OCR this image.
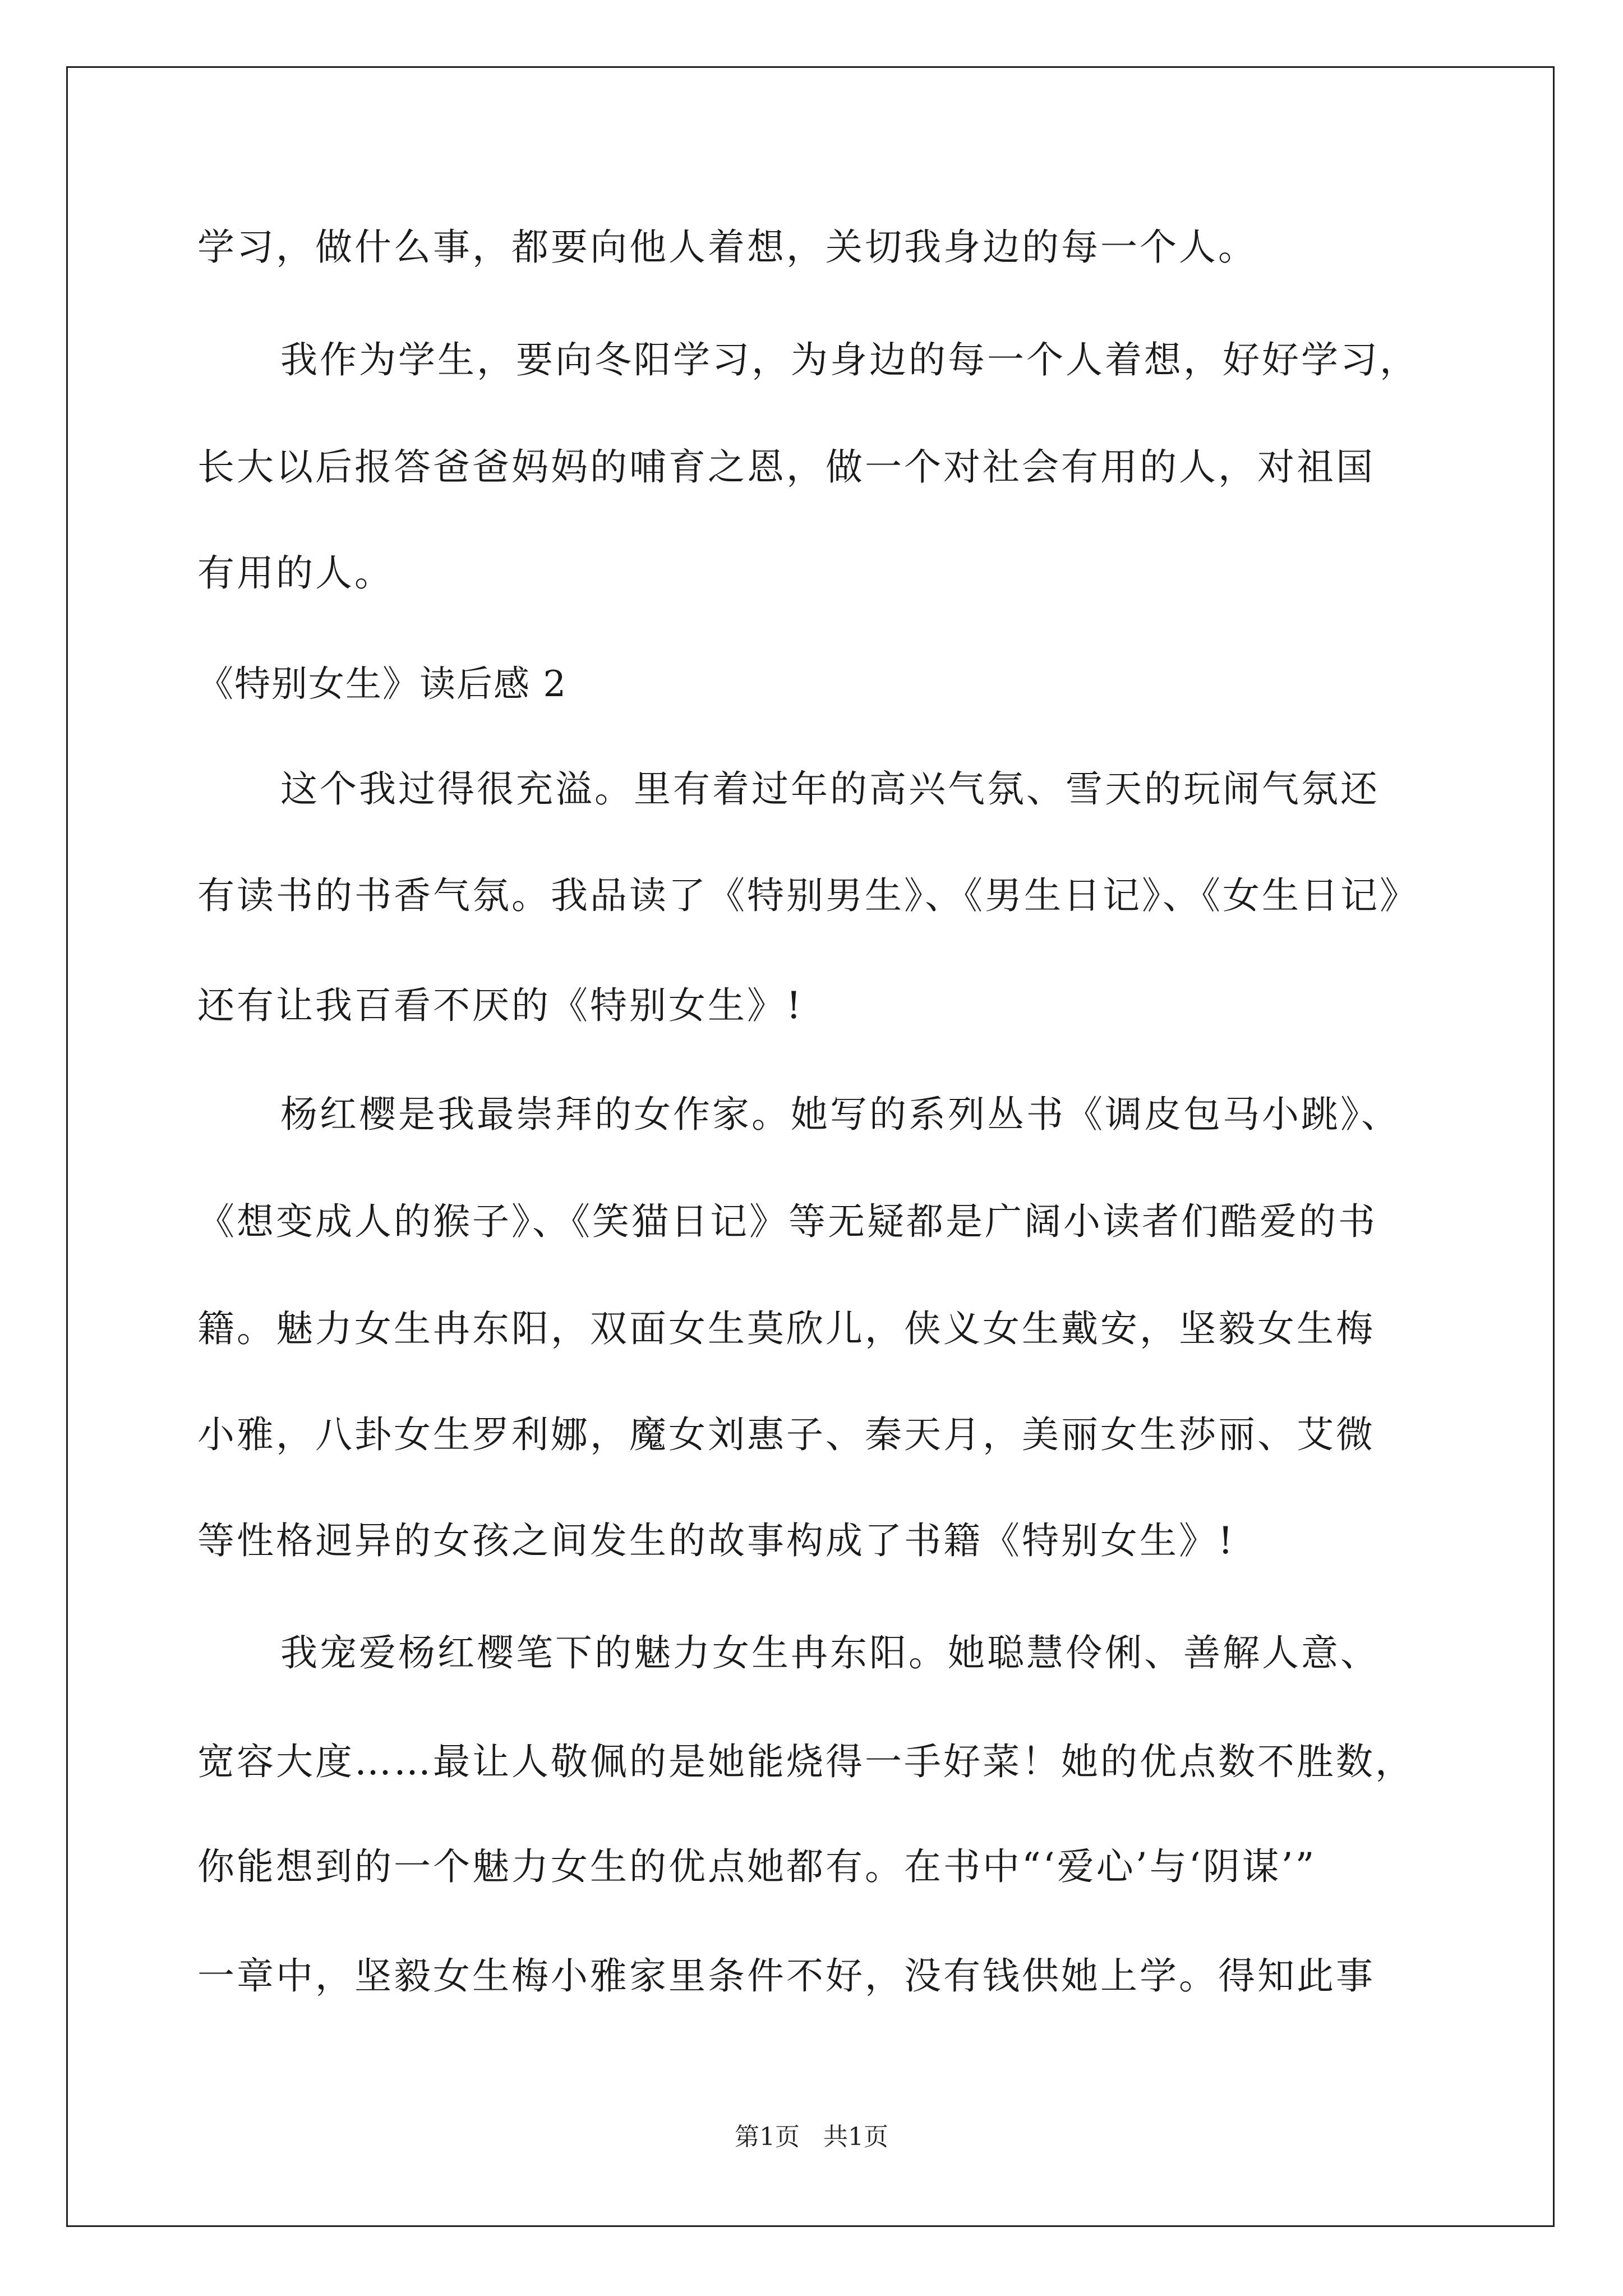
学习，做什么事，都要向他人着想，关切我身边的每一个人。
我作为学生，要向冬阳学习，为身边的每一个人着想，好好学习，
长大以后报答爸爸妈妈的哺育之恩，做一个对社会有用的人，对祖国
有用的人。
《特别女生》读后感 2
这个我过得很充溢。里有着过年的高兴气氛、雪天的玩闹气氛还
有读书的书香气氛。我品读了《特别男生》、《男生日记》、《女生日记》
还有让我百看不厌的《特别女生》!
杨红樱是我最崇拜的女作家。她写的系列丛书《调皮包马小跳》、
《想变成人的猴子》、《笑猫日记》等无疑都是广阔小读者们酷爱的书
籍。魅力女生冉东阳，双面女生莫欣儿，侠义女生戴安，坚毅女生梅
小雅，八卦女生罗利娜，魔女刘惠子、秦天月，美丽女生莎丽、艾微
等性格迥异的女孩之间发生的故事构成了书籍《特别女生》!
我宠爱杨红樱笔下的魅力女生冉东阳。她聪慧伶俐、善解人意、
宽容大度……最让人敬佩的是她能烧得一手好菜！她的优点数不胜数，
你能想到的一个魅力女生的优点她都有。在书中“‘爱心’与‘阴谋’”
一章中，坚毅女生梅小雅家里条件不好，没有钱供她上学。得知此事
第1页   共1页
